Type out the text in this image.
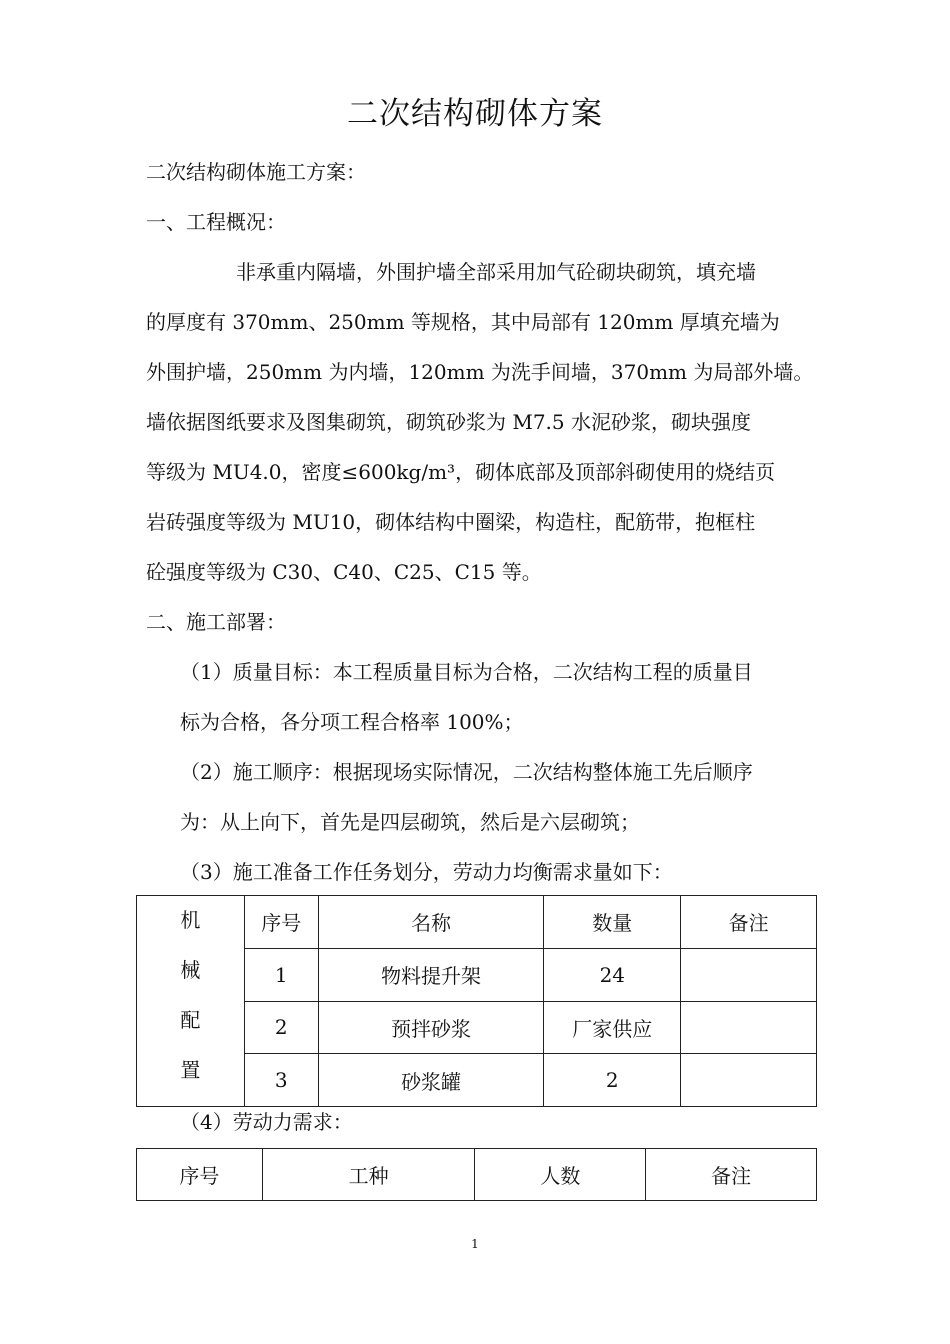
二次结构砌体方案
二次结构砌体施工方案：
一、工程概况：
非承重内隔墙，外围护墙全部采用加气砼砌块砌筑，填充墙
的厚度有 370mm、250mm 等规格，其中局部有 120mm 厚填充墙为
外围护墙，250mm 为内墙，120mm 为洗手间墙，370mm 为局部外墙。
墙依据图纸要求及图集砌筑，砌筑砂浆为 M7.5 水泥砂浆，砌块强度
等级为 MU4.0，密度≤600kg/m³，砌体底部及顶部斜砌使用的烧结页
岩砖强度等级为 MU10，砌体结构中圈梁，构造柱，配筋带，抱框柱
砼强度等级为 C30、C40、C25、C15 等。
二、施工部署：
（1）质量目标：本工程质量目标为合格，二次结构工程的质量目
标为合格，各分项工程合格率 100%；
（2）施工顺序：根据现场实际情况，二次结构整体施工先后顺序
为：从上向下，首先是四层砌筑，然后是六层砌筑；
（3）施工准备工作任务划分，劳动力均衡需求量如下：
机
械
配
置	序号	名称	数量	备注
	1	物料提升架	24	
	2	预拌砂浆	厂家供应	
	3	砂浆罐	2	
（4）劳动力需求：
序号	工种	人数	备注
1
